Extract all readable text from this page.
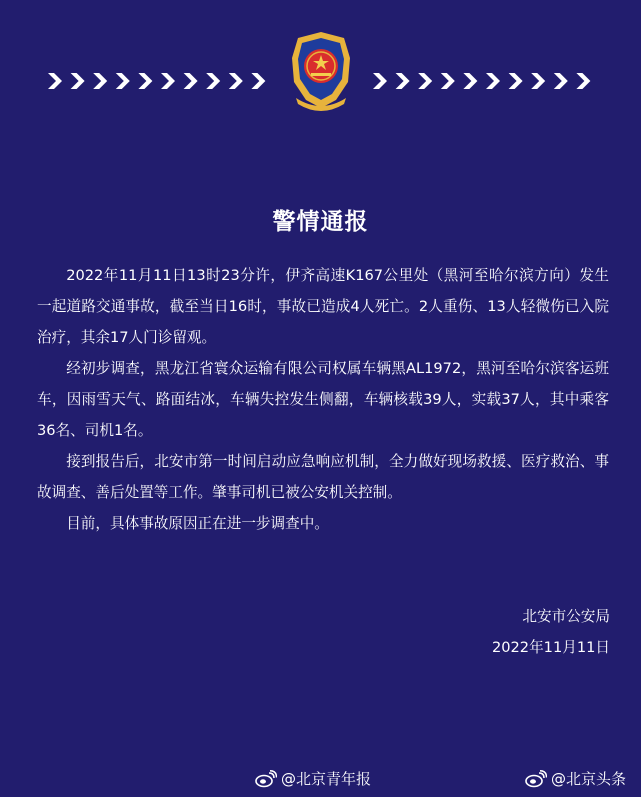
警情通报

2022年11月11日13时23分许，伊齐高速K167公里处（黑河至哈尔滨方向）发生一起道路交通事故，截至当日16时，事故已造成4人死亡。2人重伤、13人轻微伤已入院治疗，其余17人门诊留观。

经初步调查，黑龙江省寰众运输有限公司权属车辆黑AL1972，黑河至哈尔滨客运班车，因雨雪天气、路面结冰，车辆失控发生侧翻，车辆核载39人，实载37人，其中乘客36名、司机1名。

接到报告后，北安市第一时间启动应急响应机制，全力做好现场救援、医疗救治、事故调查、善后处置等工作。肇事司机已被公安机关控制。

目前，具体事故原因正在进一步调查中。

北安市公安局
2022年11月11日
@北京青年报	@北京头条
